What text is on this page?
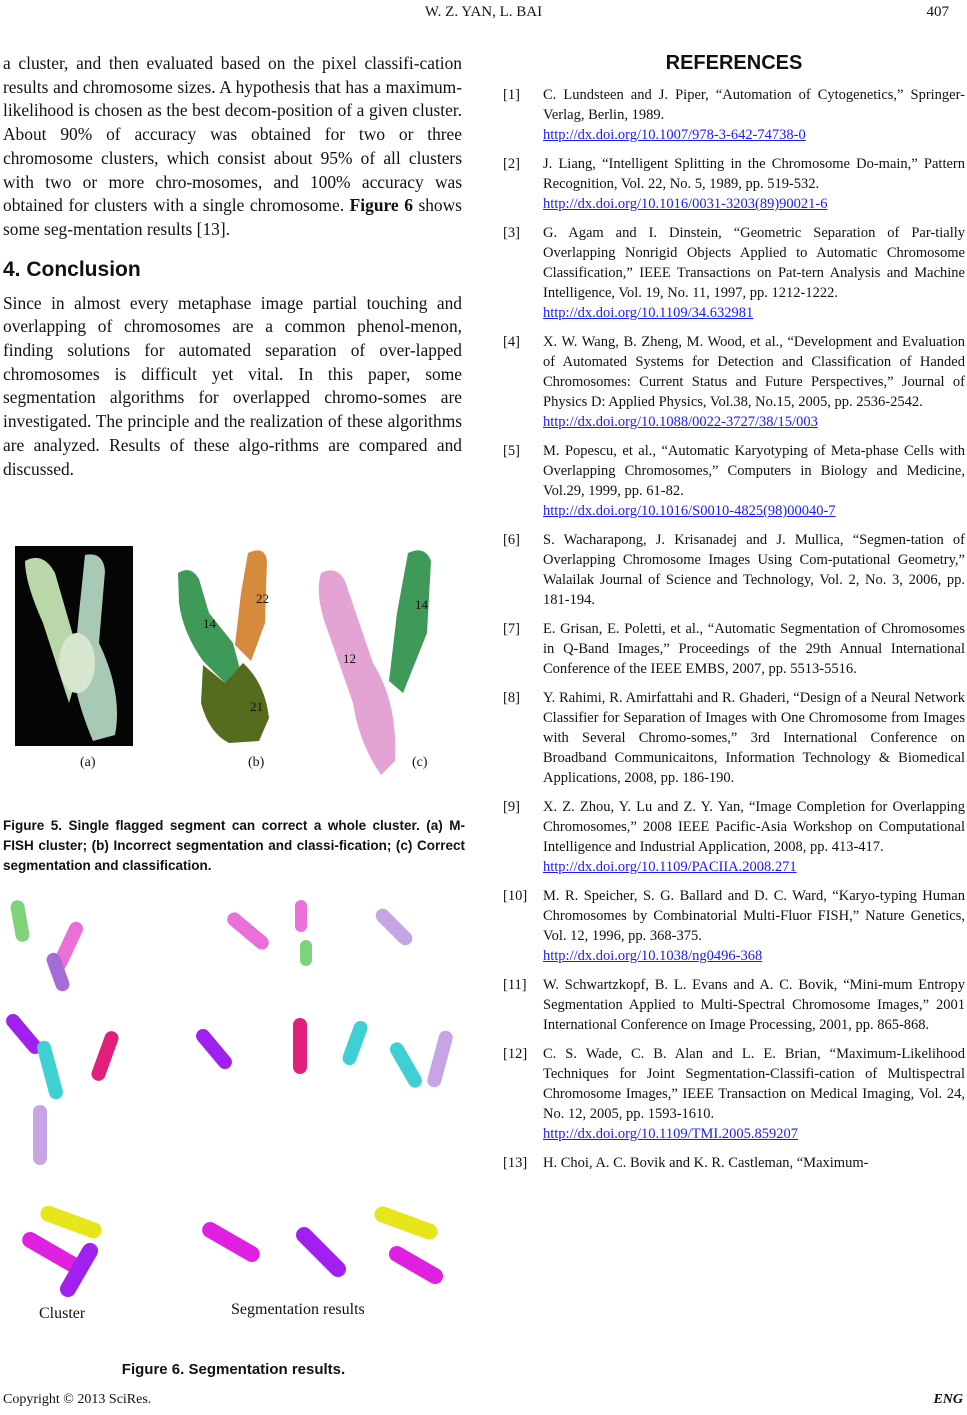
W. Z. YAN, L. BAI	407

a cluster, and then evaluated based on the pixel classifi-cation results and chromosome sizes. A hypothesis that has a maximum-likelihood is chosen as the best decom-position of a given cluster. About 90% of accuracy was obtained for two or three chromosome clusters, which consist about 95% of all clusters with two or more chro-mosomes, and 100% accuracy was obtained for clusters with a single chromosome. Figure 6 shows some seg-mentation results [13].

4. Conclusion

Since in almost every metaphase image partial touching and overlapping of chromosomes are a common phenol-menon, finding solutions for automated separation of over-lapped chromosomes is difficult yet vital. In this paper, some segmentation algorithms for overlapped chromo-somes are investigated. The principle and the realization of these algorithms are analyzed. Results of these algo-rithms are compared and discussed.

14
22
21
12
14
(a)	(b)	(c)
Figure 5. Single flagged segment can correct a whole cluster. (a) M-FISH cluster; (b) Incorrect segmentation and classi-fication; (c) Correct segmentation and classification.
Cluster	Segmentation results
Figure 6. Segmentation results.
REFERENCES
[1]	C. Lundsteen and J. Piper, “Automation of Cytogenetics,” Springer-Verlag, Berlin, 1989.
http://dx.doi.org/10.1007/978-3-642-74738-0
[2]	J. Liang, “Intelligent Splitting in the Chromosome Do-main,” Pattern Recognition, Vol. 22, No. 5, 1989, pp. 519-532.
http://dx.doi.org/10.1016/0031-3203(89)90021-6
[3]	G. Agam and I. Dinstein, “Geometric Separation of Par-tially Overlapping Nonrigid Objects Applied to Automatic Chromosome Classification,” IEEE Transactions on Pat-tern Analysis and Machine Intelligence, Vol. 19, No. 11, 1997, pp. 1212-1222.
http://dx.doi.org/10.1109/34.632981
[4]	X. W. Wang, B. Zheng, M. Wood, et al., “Development and Evaluation of Automated Systems for Detection and Classification of Handed Chromosomes: Current Status and Future Perspectives,” Journal of Physics D: Applied Physics, Vol.38, No.15, 2005, pp. 2536-2542.
http://dx.doi.org/10.1088/0022-3727/38/15/003
[5]	M. Popescu, et al., “Automatic Karyotyping of Meta-phase Cells with Overlapping Chromosomes,” Computers in Biology and Medicine, Vol.29, 1999, pp. 61-82.
http://dx.doi.org/10.1016/S0010-4825(98)00040-7
[6]	S. Wacharapong, J. Krisanadej and J. Mullica, “Segmen-tation of Overlapping Chromosome Images Using Com-putational Geometry,” Walailak Journal of Science and Technology, Vol. 2, No. 3, 2006, pp. 181-194.
[7]	E. Grisan, E. Poletti, et al., “Automatic Segmentation of Chromosomes in Q-Band Images,” Proceedings of the 29th Annual International Conference of the IEEE EMBS, 2007, pp. 5513-5516.
[8]	Y. Rahimi, R. Amirfattahi and R. Ghaderi, “Design of a Neural Network Classifier for Separation of Images with One Chromosome from Images with Several Chromo-somes,” 3rd International Conference on Broadband Communicaitons, Information Technology & Biomedical Applications, 2008, pp. 186-190.
[9]	X. Z. Zhou, Y. Lu and Z. Y. Yan, “Image Completion for Overlapping Chromosomes,” 2008 IEEE Pacific-Asia Workshop on Computational Intelligence and Industrial Application, 2008, pp. 413-417.
http://dx.doi.org/10.1109/PACIIA.2008.271
[10]	M. R. Speicher, S. G. Ballard and D. C. Ward, “Karyo-typing Human Chromosomes by Combinatorial Multi-Fluor FISH,” Nature Genetics, Vol. 12, 1996, pp. 368-375.
http://dx.doi.org/10.1038/ng0496-368
[11]	W. Schwartzkopf, B. L. Evans and A. C. Bovik, “Mini-mum Entropy Segmentation Applied to Multi-Spectral Chromosome Images,” 2001 International Conference on Image Processing, 2001, pp. 865-868.
[12]	C. S. Wade, C. B. Alan and L. E. Brian, “Maximum-Likelihood Techniques for Joint Segmentation-Classifi-cation of Multispectral Chromosome Images,” IEEE Transaction on Medical Imaging, Vol. 24, No. 12, 2005, pp. 1593-1610.
http://dx.doi.org/10.1109/TMI.2005.859207
[13]	H. Choi, A. C. Bovik and K. R. Castleman, “Maximum-
Copyright © 2013 SciRes.	ENG
